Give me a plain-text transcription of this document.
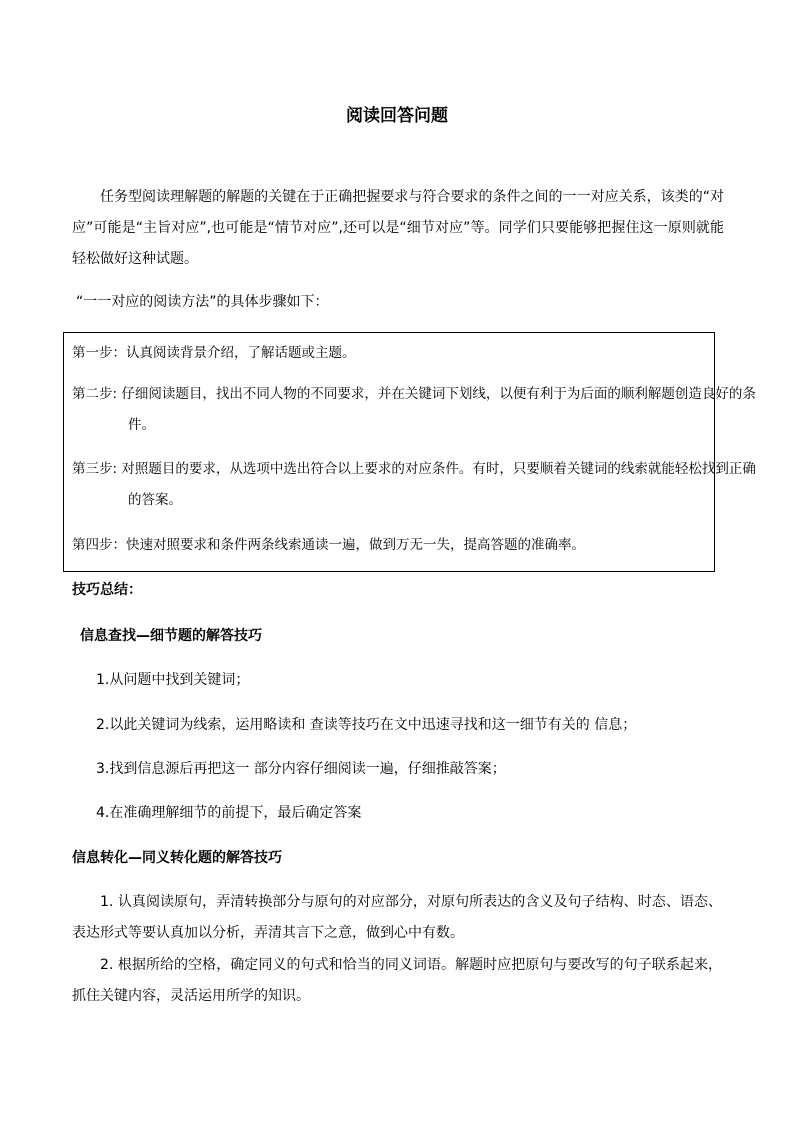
阅读回答问题

任务型阅读理解题的解题的关键在于正确把握要求与符合要求的条件之间的一一对应关系，该类的“对应”可能是“主旨对应”,也可能是“情节对应”,还可以是“细节对应”等。同学们只要能够把握住这一原则就能轻松做好这种试题。

“一一对应的阅读方法”的具体步骤如下：

第一步：认真阅读背景介绍，了解话题或主题。

第二步: 仔细阅读题目，找出不同人物的不同要求，并在关键词下划线，以便有利于为后面的顺利解题创造良好的条件。

第三步: 对照题目的要求，从选项中选出符合以上要求的对应条件。有时，只要顺着关键词的线索就能轻松找到正确的答案。

第四步：快速对照要求和条件两条线索通读一遍，做到万无一失，提高答题的准确率。

技巧总结：
信息查找—细节题的解答技巧

1.从问题中找到关键词；

2.以此关键词为线索，运用略读和 查读等技巧在文中迅速寻找和这一细节有关的 信息；

3.找到信息源后再把这一 部分内容仔细阅读一遍，仔细推敲答案；

4.在准确理解细节的前提下，最后确定答案

信息转化—同义转化题的解答技巧

1. 认真阅读原句，弄清转换部分与原句的对应部分，对原句所表达的含义及句子结构、时态、语态、表达形式等要认真加以分析，弄清其言下之意，做到心中有数。

2. 根据所给的空格，确定同义的句式和恰当的同义词语。解题时应把原句与要改写的句子联系起来，抓住关键内容，灵活运用所学的知识。
